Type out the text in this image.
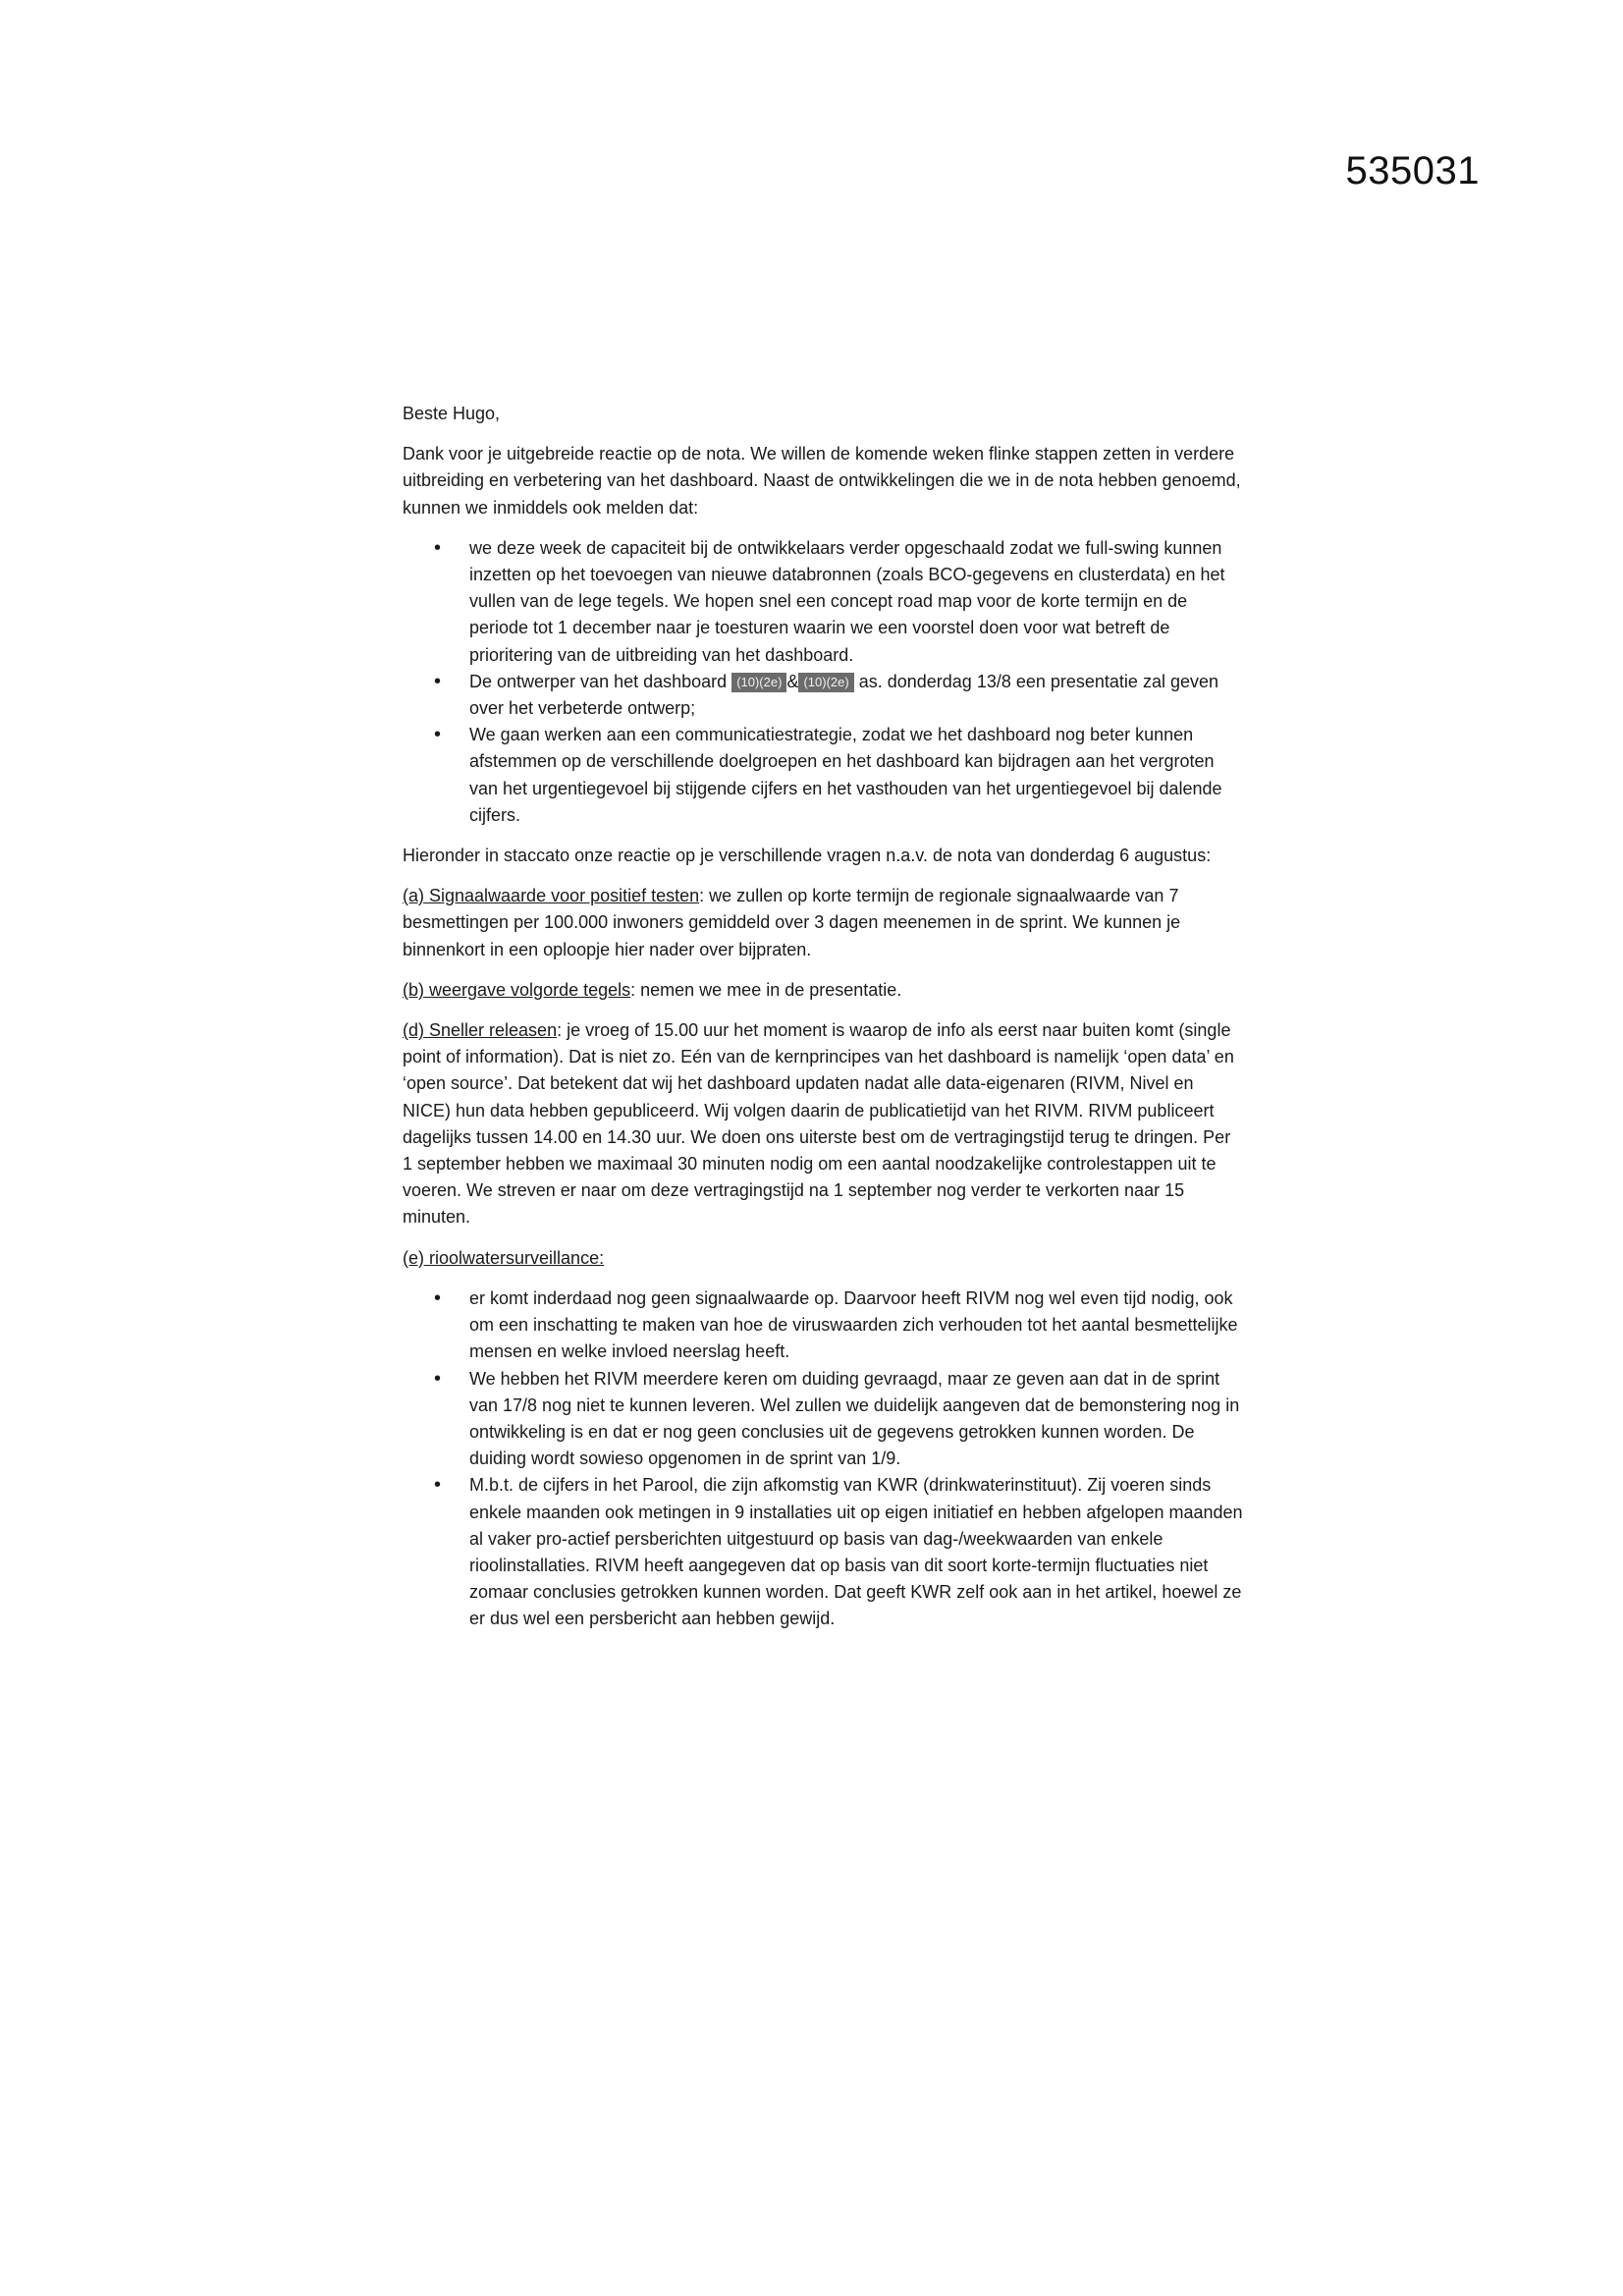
535031

Beste Hugo,

Dank voor je uitgebreide reactie op de nota. We willen de komende weken flinke stappen zetten in verdere uitbreiding en verbetering van het dashboard. Naast de ontwikkelingen die we in de nota hebben genoemd, kunnen we inmiddels ook melden dat:

• we deze week de capaciteit bij de ontwikkelaars verder opgeschaald zodat we full-swing kunnen inzetten op het toevoegen van nieuwe databronnen (zoals BCO-gegevens en clusterdata) en het vullen van de lege tegels. We hopen snel een concept road map voor de korte termijn en de periode tot 1 december naar je toesturen waarin we een voorstel doen voor wat betreft de prioritering van de uitbreiding van het dashboard.
• De ontwerper van het dashboard (10)(2e) & (10)(2e) as. donderdag 13/8 een presentatie zal geven over het verbeterde ontwerp;
• We gaan werken aan een communicatiestrategie, zodat we het dashboard nog beter kunnen afstemmen op de verschillende doelgroepen en het dashboard kan bijdragen aan het vergroten van het urgentiegevoel bij stijgende cijfers en het vasthouden van het urgentiegevoel bij dalende cijfers.

Hieronder in staccato onze reactie op je verschillende vragen n.a.v. de nota van donderdag 6 augustus:

(a) Signaalwaarde voor positief testen: we zullen op korte termijn de regionale signaalwaarde van 7 besmettingen per 100.000 inwoners gemiddeld over 3 dagen meenemen in de sprint. We kunnen je binnenkort in een oploopje hier nader over bijpraten.

(b) weergave volgorde tegels: nemen we mee in de presentatie.

(d) Sneller releasen: je vroeg of 15.00 uur het moment is waarop de info als eerst naar buiten komt (single point of information). Dat is niet zo. Eén van de kernprincipes van het dashboard is namelijk ‘open data’ en ‘open source’. Dat betekent dat wij het dashboard updaten nadat alle data-eigenaren (RIVM, Nivel en NICE) hun data hebben gepubliceerd. Wij volgen daarin de publicatietijd van het RIVM. RIVM publiceert dagelijks tussen 14.00 en 14.30 uur. We doen ons uiterste best om de vertragingstijd terug te dringen. Per 1 september hebben we maximaal 30 minuten nodig om een aantal noodzakelijke controlestappen uit te voeren. We streven er naar om deze vertragingstijd na 1 september nog verder te verkorten naar 15 minuten.

(e) rioolwatersurveillance:

• er komt inderdaad nog geen signaalwaarde op. Daarvoor heeft RIVM nog wel even tijd nodig, ook om een inschatting te maken van hoe de viruswaarden zich verhouden tot het aantal besmettelijke mensen en welke invloed neerslag heeft.
• We hebben het RIVM meerdere keren om duiding gevraagd, maar ze geven aan dat in de sprint van 17/8 nog niet te kunnen leveren. Wel zullen we duidelijk aangeven dat de bemonstering nog in ontwikkeling is en dat er nog geen conclusies uit de gegevens getrokken kunnen worden. De duiding wordt sowieso opgenomen in de sprint van 1/9.
• M.b.t. de cijfers in het Parool, die zijn afkomstig van KWR (drinkwaterinstituut). Zij voeren sinds enkele maanden ook metingen in 9 installaties uit op eigen initiatief en hebben afgelopen maanden al vaker pro-actief persberichten uitgestuurd op basis van dag-/weekwaarden van enkele rioolinstallaties. RIVM heeft aangegeven dat op basis van dit soort korte-termijn fluctuaties niet zomaar conclusies getrokken kunnen worden. Dat geeft KWR zelf ook aan in het artikel, hoewel ze er dus wel een persbericht aan hebben gewijd.
